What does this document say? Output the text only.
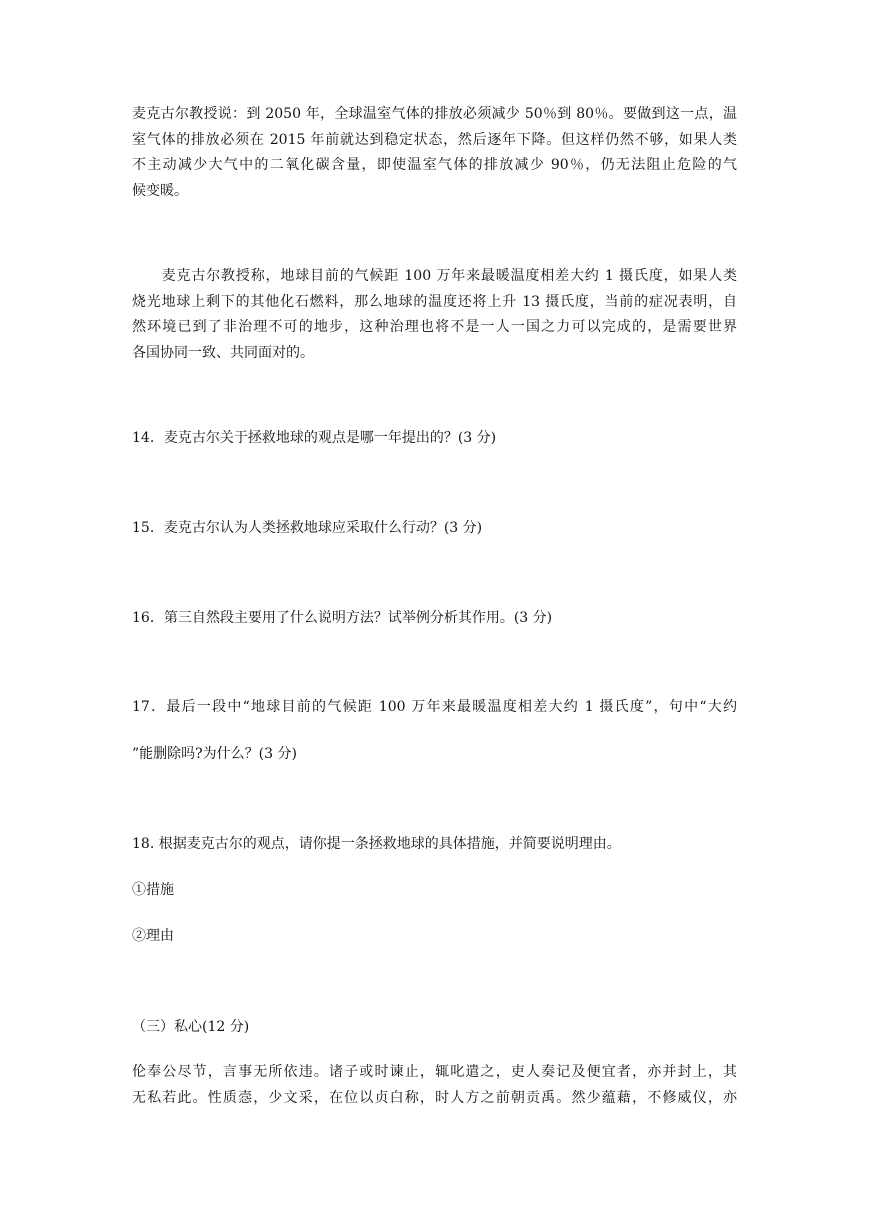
麦克古尔教授说：到 2050 年，全球温室气体的排放必须减少 50％到 80％。要做到这一点，温
室气体的排放必须在 2015 年前就达到稳定状态，然后逐年下降。但这样仍然不够，如果人类
不主动减少大气中的二氧化碳含量，即使温室气体的排放减少 90％，仍无法阻止危险的气
候变暖。
　　麦克古尔教授称，地球目前的气候距 100 万年来最暖温度相差大约 1 摄氏度，如果人类
烧光地球上剩下的其他化石燃料，那么地球的温度还将上升 13 摄氏度，当前的症况表明，自
然环境已到了非治理不可的地步，这种治理也将不是一人一国之力可以完成的，是需要世界
各国协同一致、共同面对的。
14．麦克古尔关于拯救地球的观点是哪一年提出的？(3 分)
15．麦克古尔认为人类拯救地球应采取什么行动？(3 分)
16．第三自然段主要用了什么说明方法？试举例分析其作用。(3 分)
17．最后一段中“地球目前的气候距 100 万年来最暖温度相差大约 1 摄氏度”，句中“大约
”能删除吗?为什么？(3 分)
18. 根据麦克古尔的观点，请你提一条拯救地球的具体措施，并简要说明理由。
①措施
②理由
（三）私心(12 分)
伦奉公尽节，言事无所依违。诸子或时谏止，辄叱遣之，吏人奏记及便宜者，亦并封上，其
无私若此。性质悫，少文采，在位以贞白称，时人方之前朝贡禹。然少蕴藉，不修威仪，亦
